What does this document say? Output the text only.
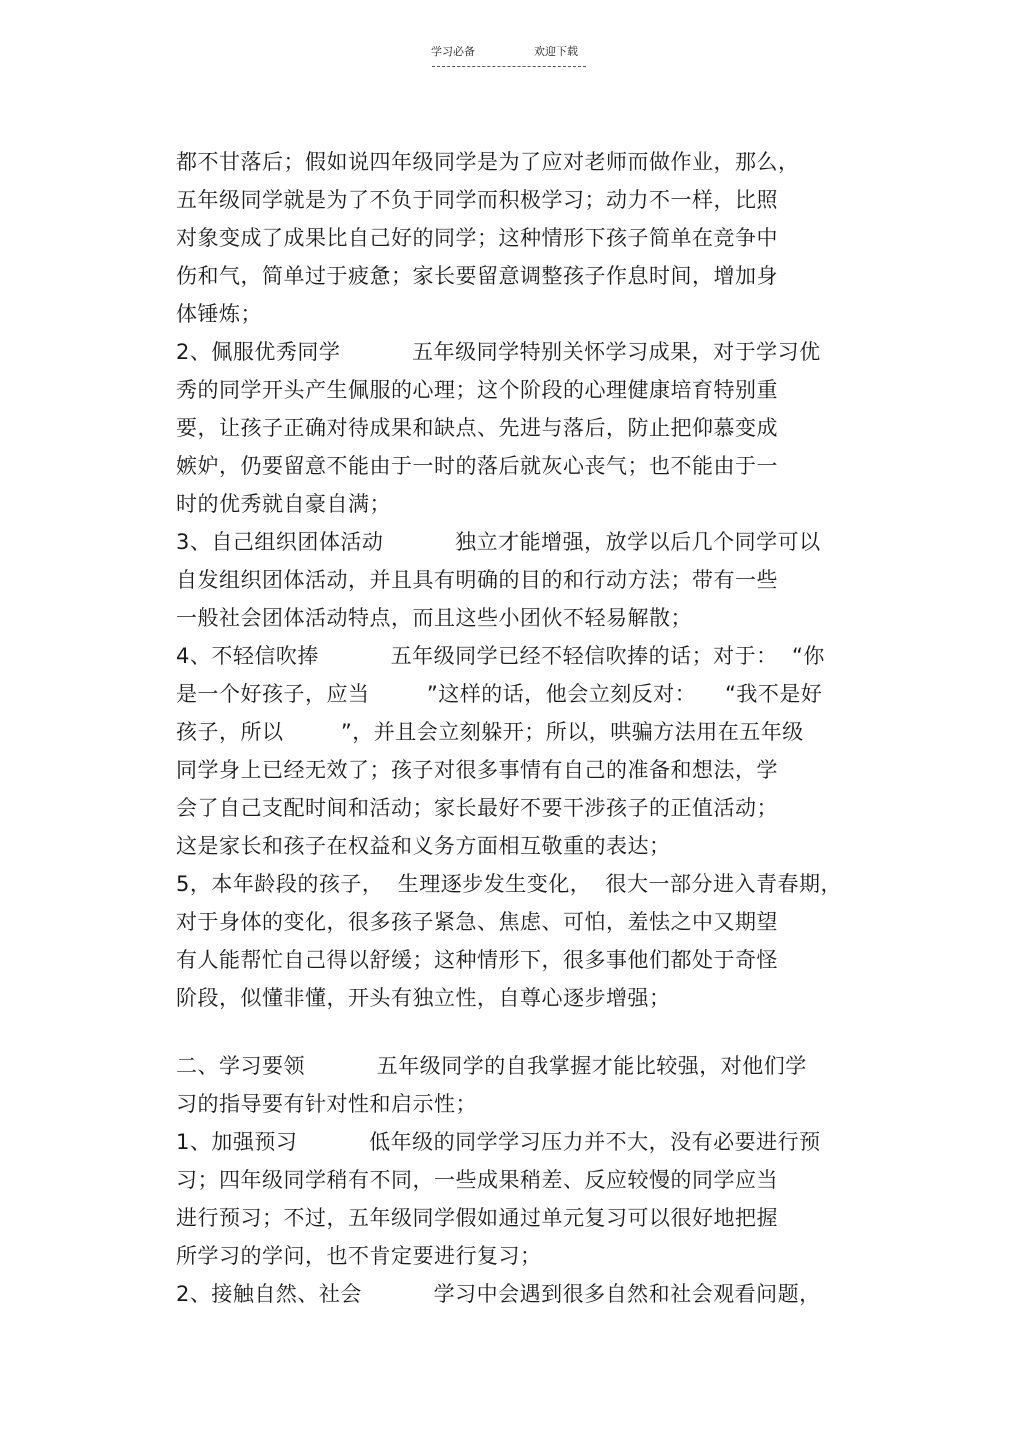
学习必备	欢迎下载
都不甘落后；假如说四年级同学是为了应对老师而做作业，那么，
五年级同学就是为了不负于同学而积极学习；动力不一样，比照
对象变成了成果比自己好的同学；这种情形下孩子简单在竞争中
伤和气，简单过于疲惫；家长要留意调整孩子作息时间，增加身
体锤炼；
2、佩服优秀同学          五年级同学特别关怀学习成果，对于学习优
秀的同学开头产生佩服的心理；这个阶段的心理健康培育特别重
要，让孩子正确对待成果和缺点、先进与落后，防止把仰慕变成
嫉妒，仍要留意不能由于一时的落后就灰心丧气；也不能由于一
时的优秀就自豪自满；
3、自己组织团体活动          独立才能增强，放学以后几个同学可以
自发组织团体活动，并且具有明确的目的和行动方法；带有一些
一般社会团体活动特点，而且这些小团伙不轻易解散；
4、不轻信吹捧          五年级同学已经不轻信吹捧的话；对于：  “你
是一个好孩子，应当        ”这样的话，他会立刻反对：    “我不是好
孩子，所以        ”，并且会立刻躲开；所以，哄骗方法用在五年级
同学身上已经无效了；孩子对很多事情有自己的准备和想法，学
会了自己支配时间和活动；家长最好不要干涉孩子的正值活动；
这是家长和孩子在权益和义务方面相互敬重的表达；
5，本年龄段的孩子，  生理逐步发生变化，  很大一部分进入青春期，
对于身体的变化，很多孩子紧急、焦虑、可怕，羞怯之中又期望
有人能帮忙自己得以舒缓；这种情形下，很多事他们都处于奇怪
阶段，似懂非懂，开头有独立性，自尊心逐步增强；
二、学习要领          五年级同学的自我掌握才能比较强，对他们学
习的指导要有针对性和启示性；
1、加强预习          低年级的同学学习压力并不大，没有必要进行预
习；四年级同学稍有不同，一些成果稍差、反应较慢的同学应当
进行预习；不过，五年级同学假如通过单元复习可以很好地把握
所学习的学问，也不肯定要进行复习；
2、接触自然、社会          学习中会遇到很多自然和社会观看问题，
